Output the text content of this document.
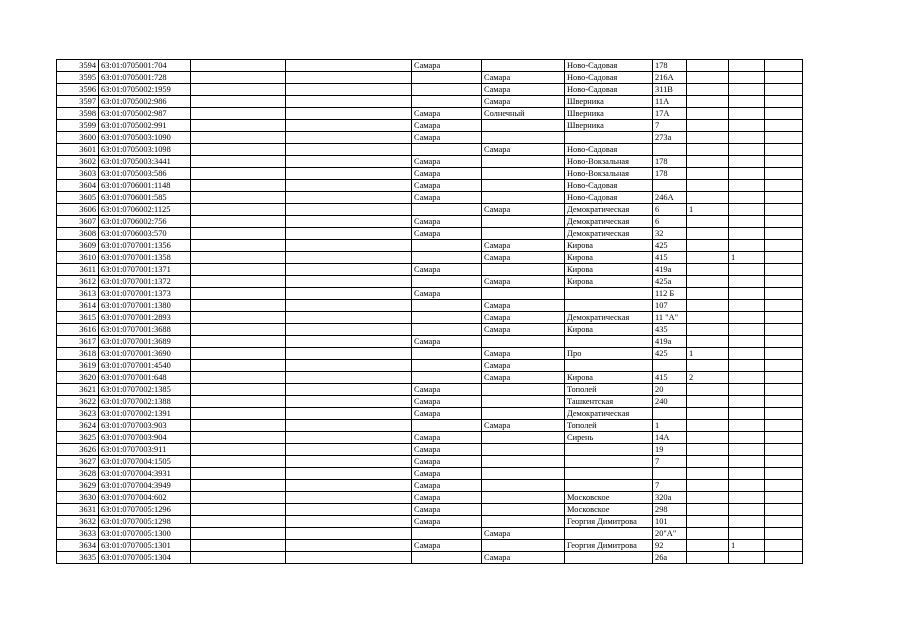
3594	63:01:0705001:704			Самара		Ново-Садовая	178			
3595	63:01:0705001:728				Самара	Ново-Садовая	216А			
3596	63:01:0705002:1959				Самара	Ново-Садовая	311В			
3597	63:01:0705002:986				Самара	Шверника	11А			
3598	63:01:0705002:987			Самара	Солнечный	Шверника	17А			
3599	63:01:0705002:991			Самара		Шверника	7			
3600	63:01:0705003:1090			Самара			273а			
3601	63:01:0705003:1098				Самара	Ново-Садовая				
3602	63:01:0705003:3441			Самара		Ново-Вокзальная	178			
3603	63:01:0705003:586			Самара		Ново-Вокзальная	178			
3604	63:01:0706001:1148			Самара		Ново-Садовая				
3605	63:01:0706001:585			Самара		Ново-Садовая	246А			
3606	63:01:0706002:1125				Самара	Демократическая	6	1		
3607	63:01:0706002:756			Самара		Демократическая	6			
3608	63:01:0706003:570			Самара		Демократическая	32			
3609	63:01:0707001:1356				Самара	Кирова	425			
3610	63:01:0707001:1358				Самара	Кирова	415		1	
3611	63:01:0707001:1371			Самара		Кирова	419а			
3612	63:01:0707001:1372				Самара	Кирова	425а			
3613	63:01:0707001:1373			Самара			112 Б			
3614	63:01:0707001:1380				Самара		107			
3615	63:01:0707001:2893				Самара	Демократическая	11 "А"			
3616	63:01:0707001:3688				Самара	Кирова	435			
3617	63:01:0707001:3689			Самара			419а			
3618	63:01:0707001:3690				Самара	Про	425	1		
3619	63:01:0707001:4540				Самара					
3620	63:01:0707001:648				Самара	Кирова	415	2		
3621	63:01:0707002:1385			Самара		Тополей	20			
3622	63:01:0707002:1388			Самара		Ташкентская	240			
3623	63:01:0707002:1391			Самара		Демократическая				
3624	63:01:0707003:903				Самара	Тополей	1			
3625	63:01:0707003:904			Самара		Сирень	14А			
3626	63:01:0707003:911			Самара			19			
3627	63:01:0707004:1505			Самара			7			
3628	63:01:0707004:3931			Самара						
3629	63:01:0707004:3949			Самара			7			
3630	63:01:0707004:602			Самара		Московское	320а			
3631	63:01:0707005:1296			Самара		Московское	298			
3632	63:01:0707005:1298			Самара		Георгия Димитрова	101			
3633	63:01:0707005:1300				Самара		20"А"			
3634	63:01:0707005:1301			Самара		Георгия Димитрова	92		1	
3635	63:01:0707005:1304				Самара		26а			
